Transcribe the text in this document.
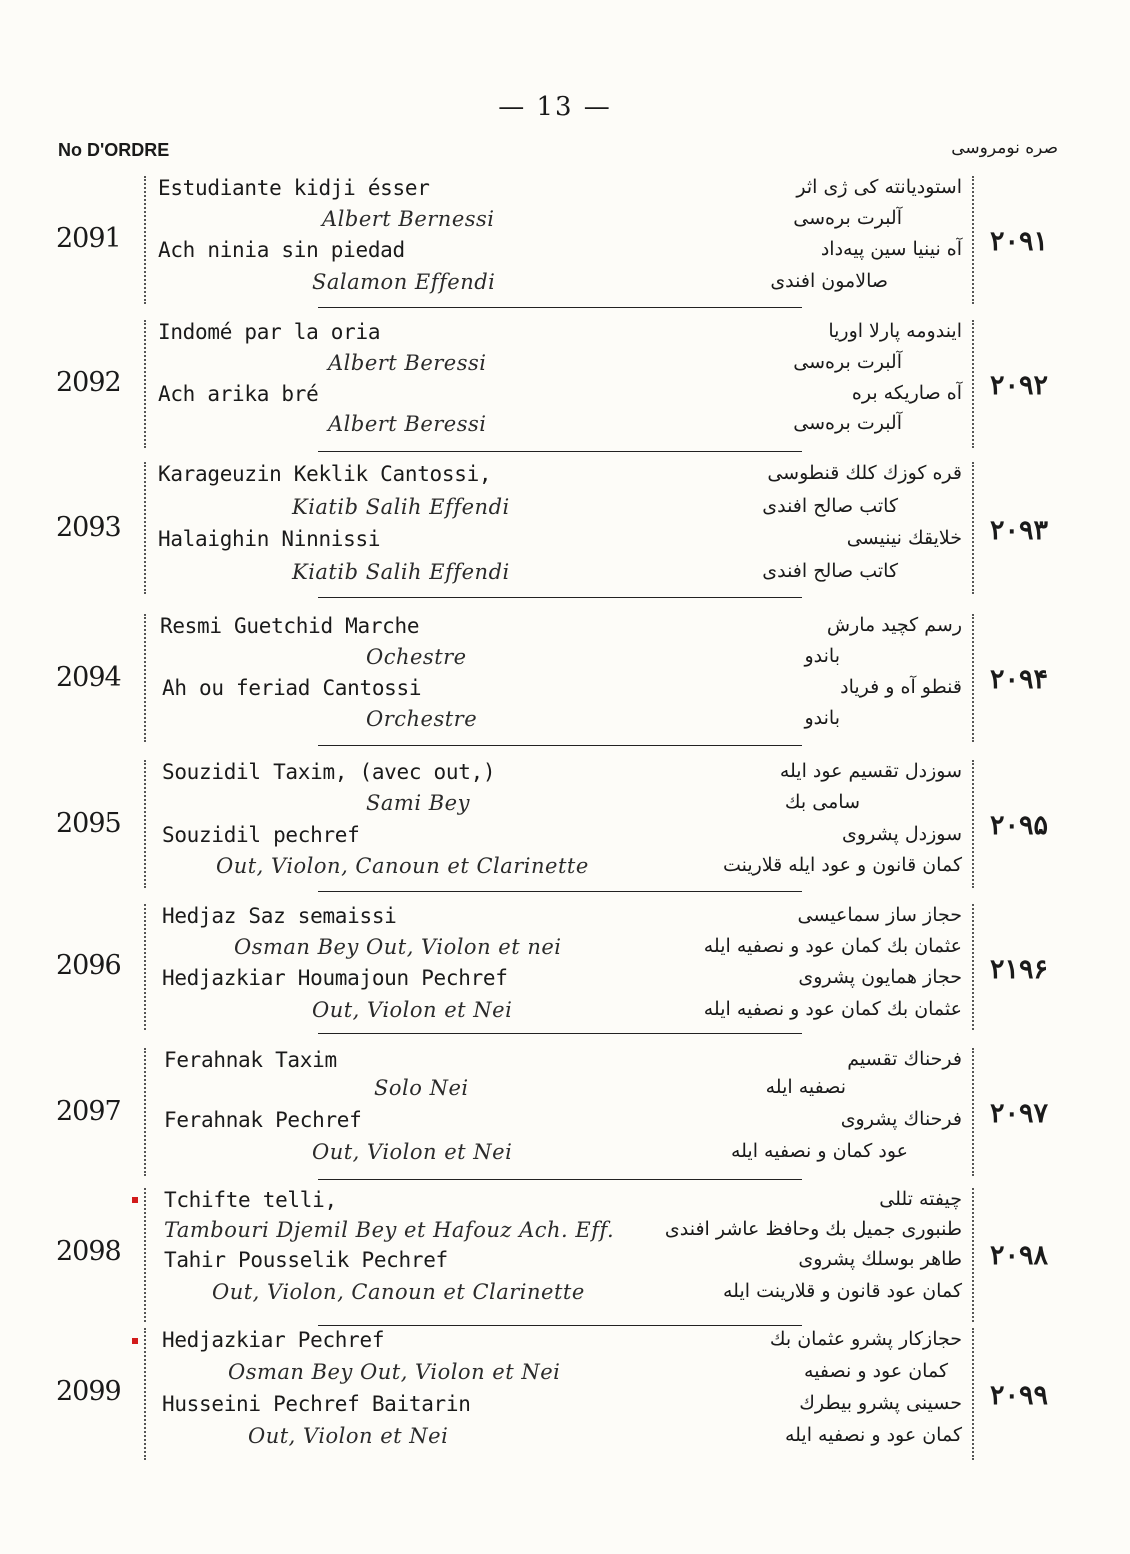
— 13 —
No D'ORDRE	صره نومروسی
2091	۲۰۹۱
Estudiante kidji ésser	استودیانته کی ژی اثر
Albert Bernessi	آلبرت برەسی
Ach ninia sin piedad	آه نینیا سین پیەداد
Salamon Effendi	صالامون افندی
2092	۲۰۹۲
Indomé par la oria	ایندومه پارلا اوریا
Albert Beressi	آلبرت برەسی
Ach arika bré	آه صاریکه بره
Albert Beressi	آلبرت برەسی
2093	۲۰۹۳
Karageuzin Keklik Cantossi,	قره کوزك کلك قنطوسی
Kiatib Salih Effendi	کاتب صالح افندی
Halaighin Ninnissi	خلایقك نینیسی
Kiatib Salih Effendi	کاتب صالح افندی
2094	۲۰۹۴
Resmi Guetchid Marche	رسم کچید مارش
Ochestre	باندو
Ah ou feriad Cantossi	قنطو آه و فریاد
Orchestre	باندو
2095	۲۰۹۵
Souzidil Taxim, (avec out,)	سوزدل تقسیم عود ایله
Sami Bey	سامی بك
Souzidil pechref	سوزدل پشروی
Out, Violon, Canoun et Clarinette	کمان قانون و عود ایله قلارینت
2096	۲۱۹۶
Hedjaz Saz semaissi	حجاز ساز سماعیسی
Osman Bey Out, Violon et nei	عثمان بك کمان عود و نصفیه ایله
Hedjazkiar Houmajoun Pechref	حجاز همایون پشروی
Out, Violon et Nei	عثمان بك کمان عود و نصفیه ایله
2097	۲۰۹۷
Ferahnak Taxim	فرحناك تقسیم
Solo Nei	نصفیه ایله
Ferahnak Pechref	فرحناك پشروی
Out, Violon et Nei	عود کمان و نصفیه ایله
2098	۲۰۹۸
Tchifte telli,	چیفته تللی
Tambouri Djemil Bey et Hafouz Ach. Eff.	طنبوری جمیل بك وحافظ عاشر افندی
Tahir Pousselik Pechref	طاهر بوسلك پشروی
Out, Violon, Canoun et Clarinette	کمان عود قانون و قلارینت ایله
2099	۲۰۹۹
Hedjazkiar Pechref	حجازکار پشرو عثمان بك
Osman Bey Out, Violon et Nei	کمان عود و نصفیه
Husseini Pechref Baitarin	حسینی پشرو بیطرك
Out, Violon et Nei	کمان عود و نصفیه ایله
